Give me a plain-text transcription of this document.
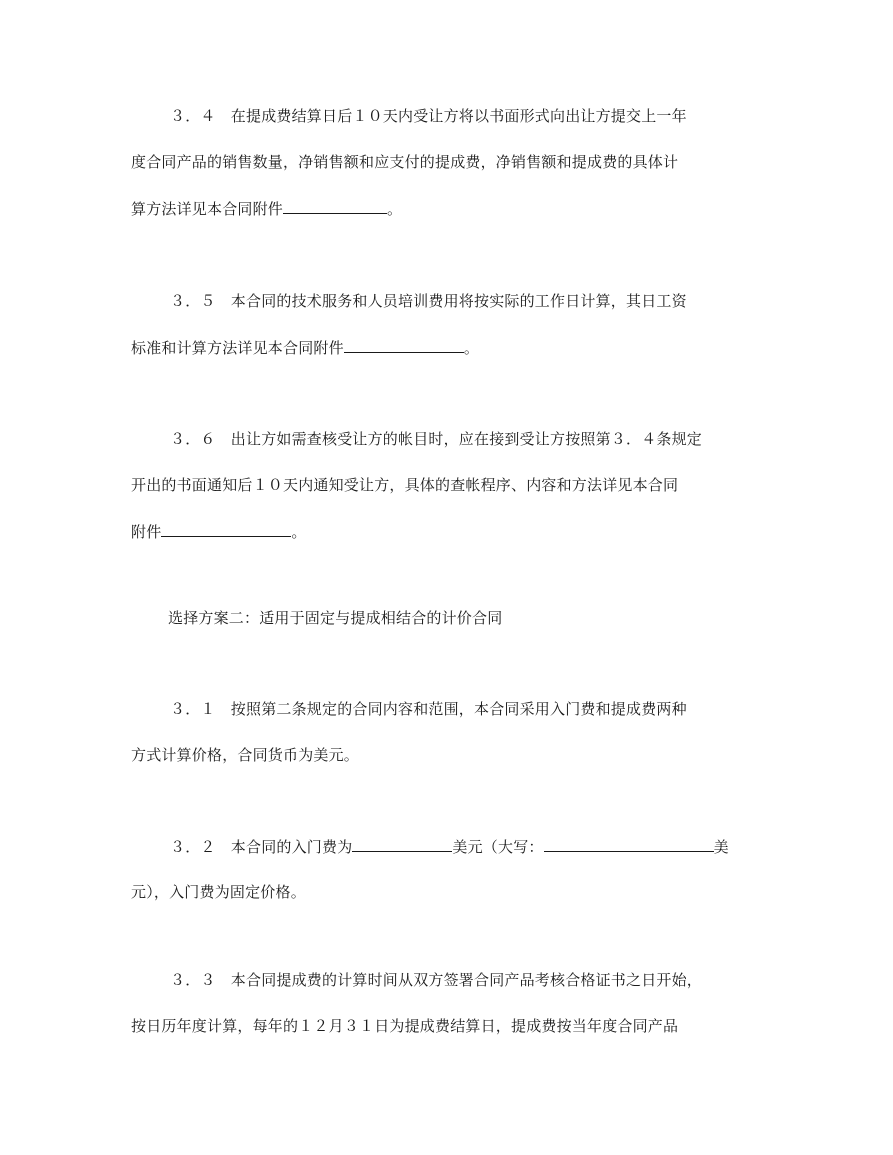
３．４　在提成费结算日后１０天内受让方将以书面形式向出让方提交上一年
度合同产品的销售数量，净销售额和应支付的提成费，净销售额和提成费的具体计
算方法详见本合同附件	。
３．５　本合同的技术服务和人员培训费用将按实际的工作日计算，其日工资
标准和计算方法详见本合同附件	。
３．６　出让方如需查核受让方的帐目时，应在接到受让方按照第３．４条规定
开出的书面通知后１０天内通知受让方，具体的查帐程序、内容和方法详见本合同
附件	。
选择方案二：适用于固定与提成相结合的计价合同
３．１　按照第二条规定的合同内容和范围，本合同采用入门费和提成费两种
方式计算价格，合同货币为美元。
３．２　本合同的入门费为	美元（大写：	美
元），入门费为固定价格。
３．３　本合同提成费的计算时间从双方签署合同产品考核合格证书之日开始，
按日历年度计算，每年的１２月３１日为提成费结算日，提成费按当年度合同产品
